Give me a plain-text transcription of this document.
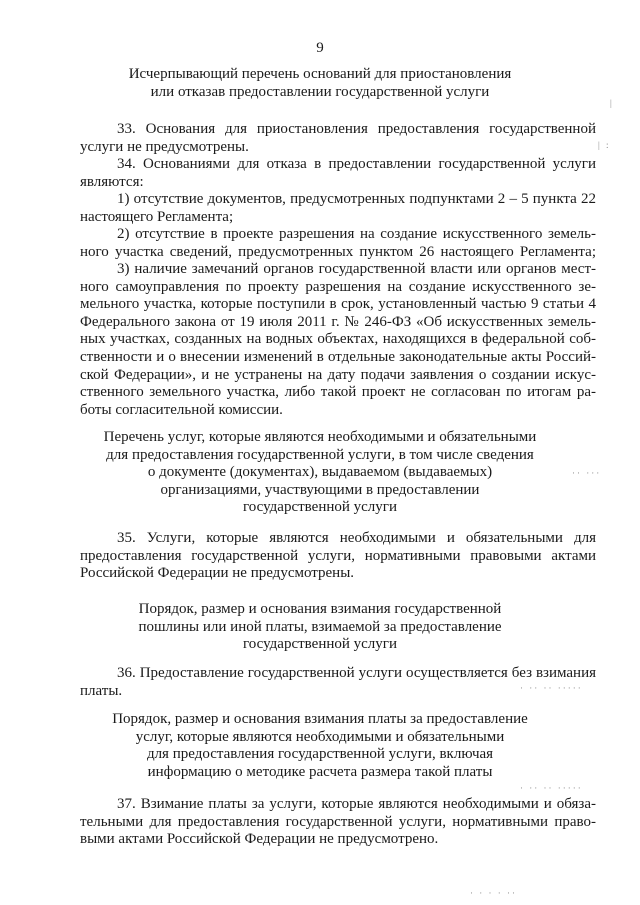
9
Исчерпывающий перечень оснований для приостановления
или отказав предоставлении государственной услуги
33. Основания для приостановления предоставления государственной
услуги не предусмотрены.
34. Основаниями для отказа в предоставлении государственной услуги
являются:
1) отсутствие документов, предусмотренных подпунктами 2 – 5 пункта 22
настоящего Регламента;
2) отсутствие в проекте разрешения на создание искусственного земель-
ного участка сведений, предусмотренных пунктом 26 настоящего Регламента;
3) наличие замечаний органов государственной власти или органов мест-
ного самоуправления по проекту разрешения на создание искусственного зе-
мельного участка, которые поступили в срок, установленный частью 9 статьи 4
Федерального закона от 19 июля 2011 г. № 246-ФЗ «Об искусственных земель-
ных участках, созданных на водных объектах, находящихся в федеральной соб-
ственности и о внесении изменений в отдельные законодательные акты Россий-
ской Федерации», и не устранены на дату подачи заявления о создании искус-
ственного земельного участка, либо такой проект не согласован по итогам ра-
боты согласительной комиссии.
Перечень услуг, которые являются необходимыми и обязательными
для предоставления государственной услуги, в том числе сведения
о документе (документах), выдаваемом (выдаваемых)
организациями, участвующими в предоставлении
государственной услуги
35. Услуги, которые являются необходимыми и обязательными для
предоставления государственной услуги, нормативными правовыми актами
Российской Федерации не предусмотрены.
Порядок, размер и основания взимания государственной
пошлины или иной платы, взимаемой за предоставление
государственной услуги
36. Предоставление государственной услуги осуществляется без взимания
платы.
Порядок, размер и основания взимания платы за предоставление
услуг, которые являются необходимыми и обязательными
для предоставления государственной услуги, включая
информацию о методике расчета размера такой платы
37. Взимание платы за услуги, которые являются необходимыми и обяза-
тельными для предоставления государственной услуги, нормативными право-
выми актами Российской Федерации не предусмотрено.
|
| :
·· ···
· ·· ·· ·····
· ·· ·· ·····
· · · · ··
